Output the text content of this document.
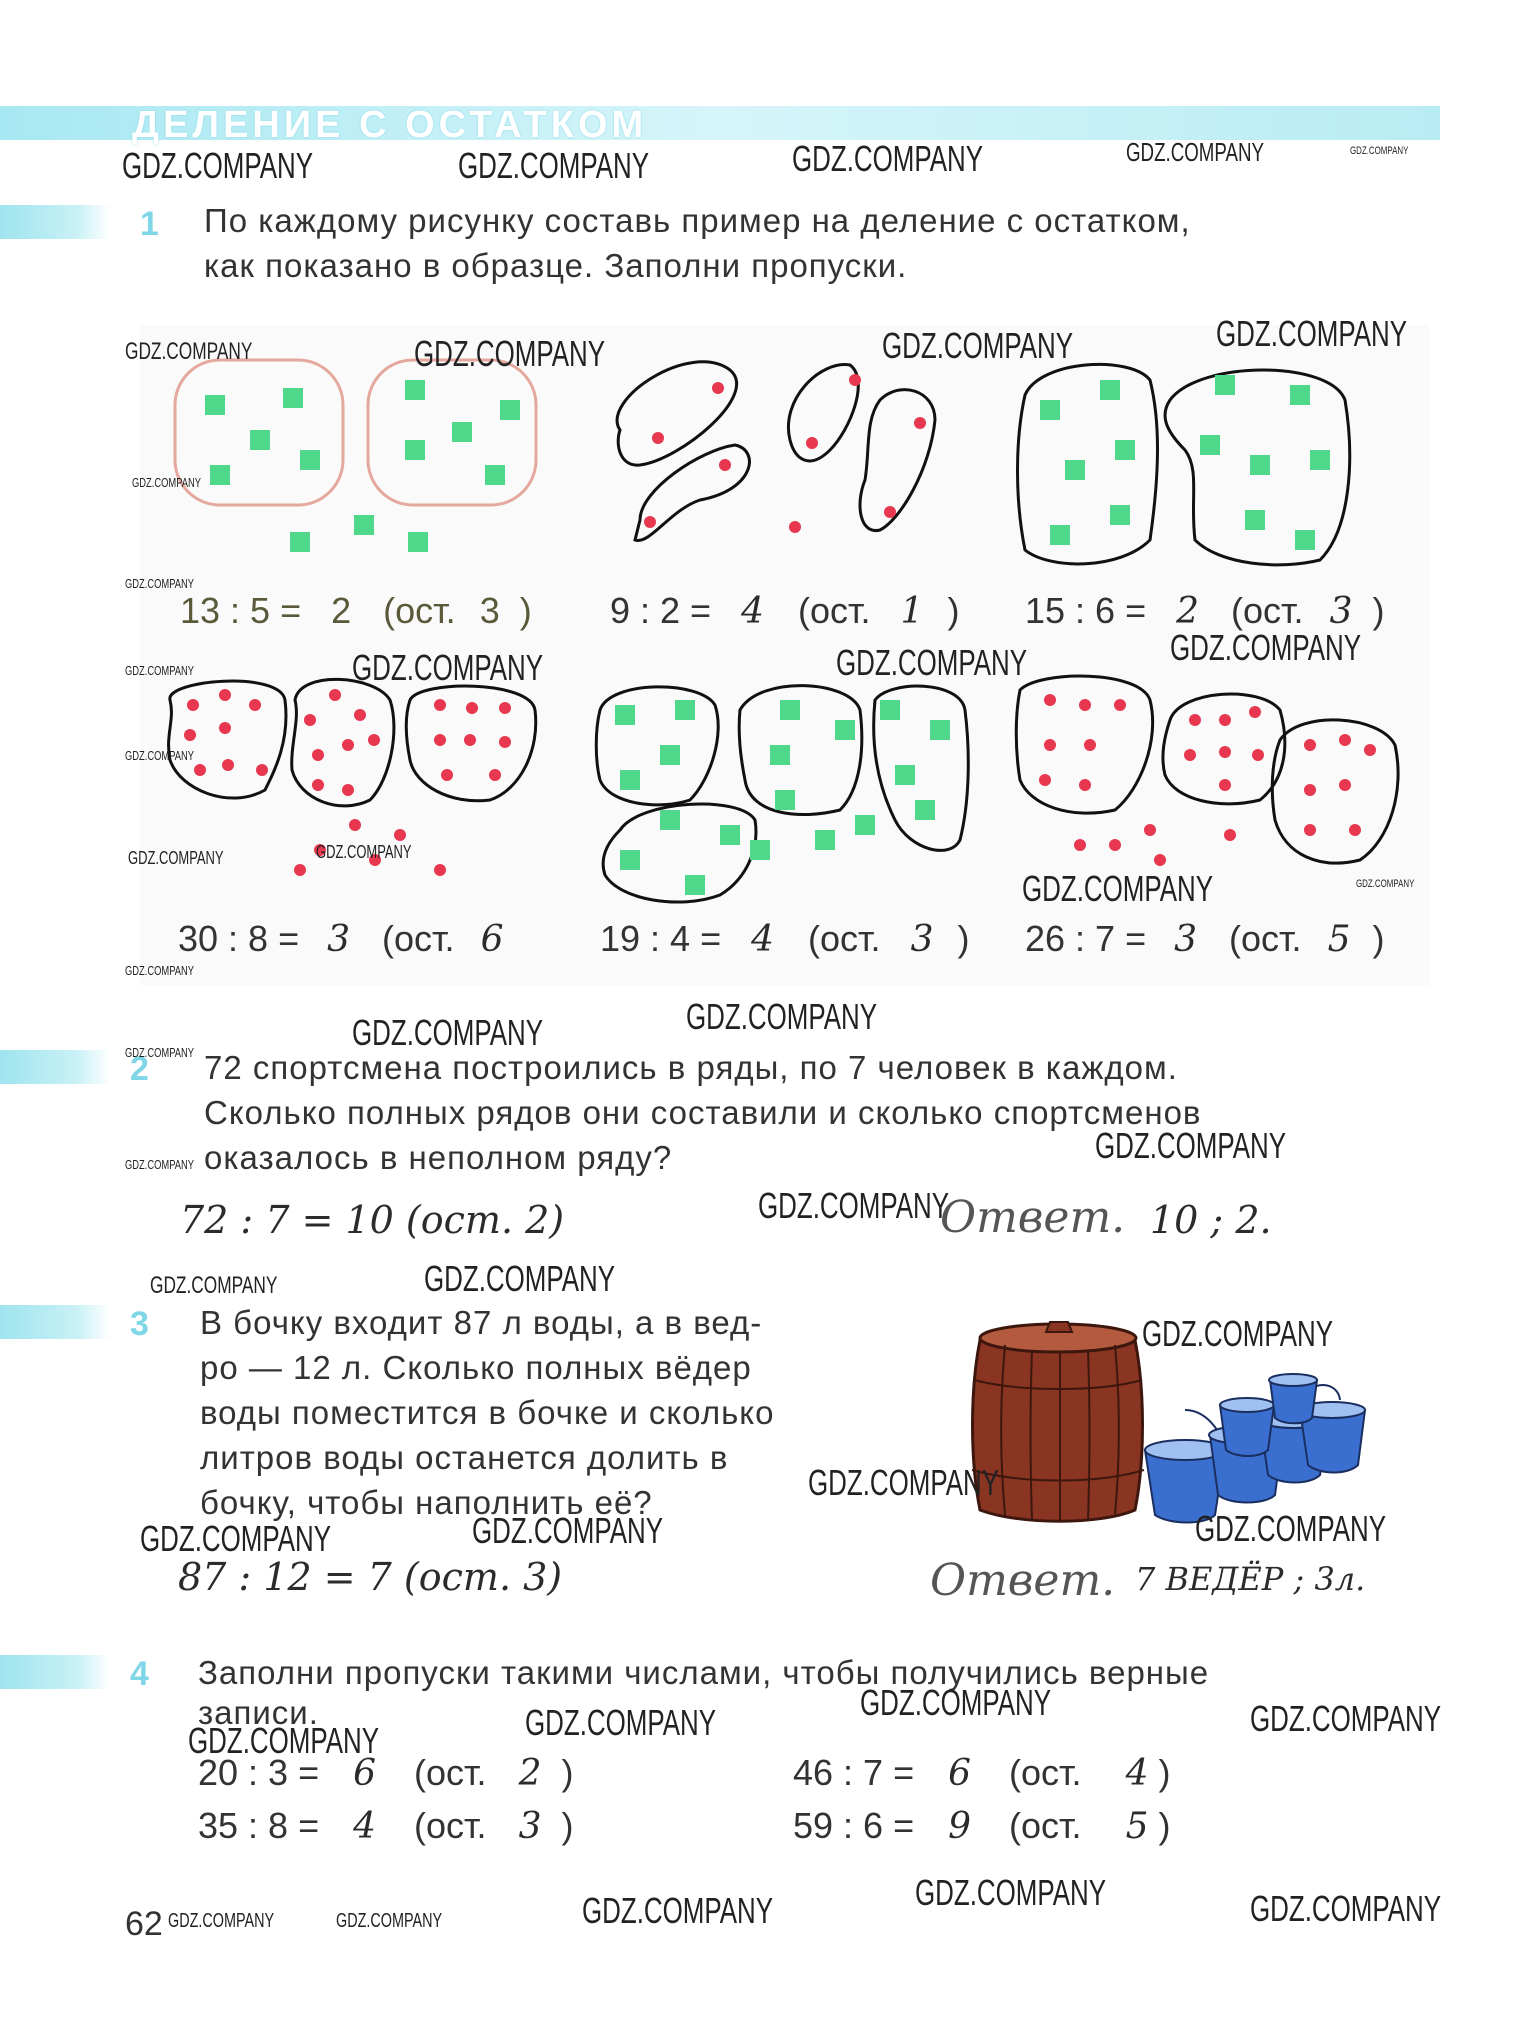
ДЕЛЕНИЕ С ОСТАТКОМ
1 По каждому рисунку составь пример на деление с остатком,
как показано в образце. Заполни пропуски.
13 : 5 = 2 (ост. 3 ) 9 : 2 = 4 (ост. 1 ) 15 : 6 = 2 (ост. 3 )
30 : 8 = 3 (ост. 6	19 : 4 = 4 (ост. 3 ) 26 : 7 = 3 (ост. 5 )
2 72 спортсмена построились в ряды, по 7 человек в каждом.
Сколько полных рядов они составили и сколько спортсменов
оказалось в неполном ряду?
72 : 7 = 10 (ост. 2)	Ответ. 10 ; 2.
3 В бочку входит 87 л воды, а в вед-
ро — 12 л. Сколько полных вёдер
воды поместится в бочке и сколько
литров воды останется долить в
бочку, чтобы наполнить её?
87 : 12 = 7 (ост. 3)	Ответ. 7 ВЕДЁР ; 3л.
4 Заполни пропуски такими числами, чтобы получились верные
записи.
20 : 3 = 6 (ост. 2 )
35 : 8 = 4 (ост. 3 )
46 : 7 = 6 (ост. 4 )
59 : 6 = 9 (ост. 5 )
62
GDZ.COMPANY	GDZ.COMPANY	GDZ.COMPANY	GDZ.COMPANY	GDZ.COMPANY
GDZ.COMPANY	GDZ.COMPANY	GDZ.COMPANY	GDZ.COMPANY
GDZ.COMPANY
GDZ.COMPANY
GDZ.COMPANY
GDZ.COMPANY	GDZ.COMPANY	GDZ.COMPANY
GDZ.COMPANY
GDZ.COMPANY	GDZ.COMPANY
GDZ.COMPANY	GDZ.COMPANY
GDZ.COMPANY
GDZ.COMPANY
GDZ.COMPANY	GDZ.COMPANY
GDZ.COMPANY	GDZ.COMPANY
GDZ.COMPANY
GDZ.COMPANY	GDZ.COMPANY
GDZ.COMPANY
GDZ.COMPANY
GDZ.COMPANY	GDZ.COMPANY	GDZ.COMPANY
GDZ.COMPANY
GDZ.COMPANY	GDZ.COMPANY
GDZ.COMPANY
GDZ.COMPANY	GDZ.COMPANY	GDZ.COMPANY	GDZ.COMPANY	GDZ.COMPANY
